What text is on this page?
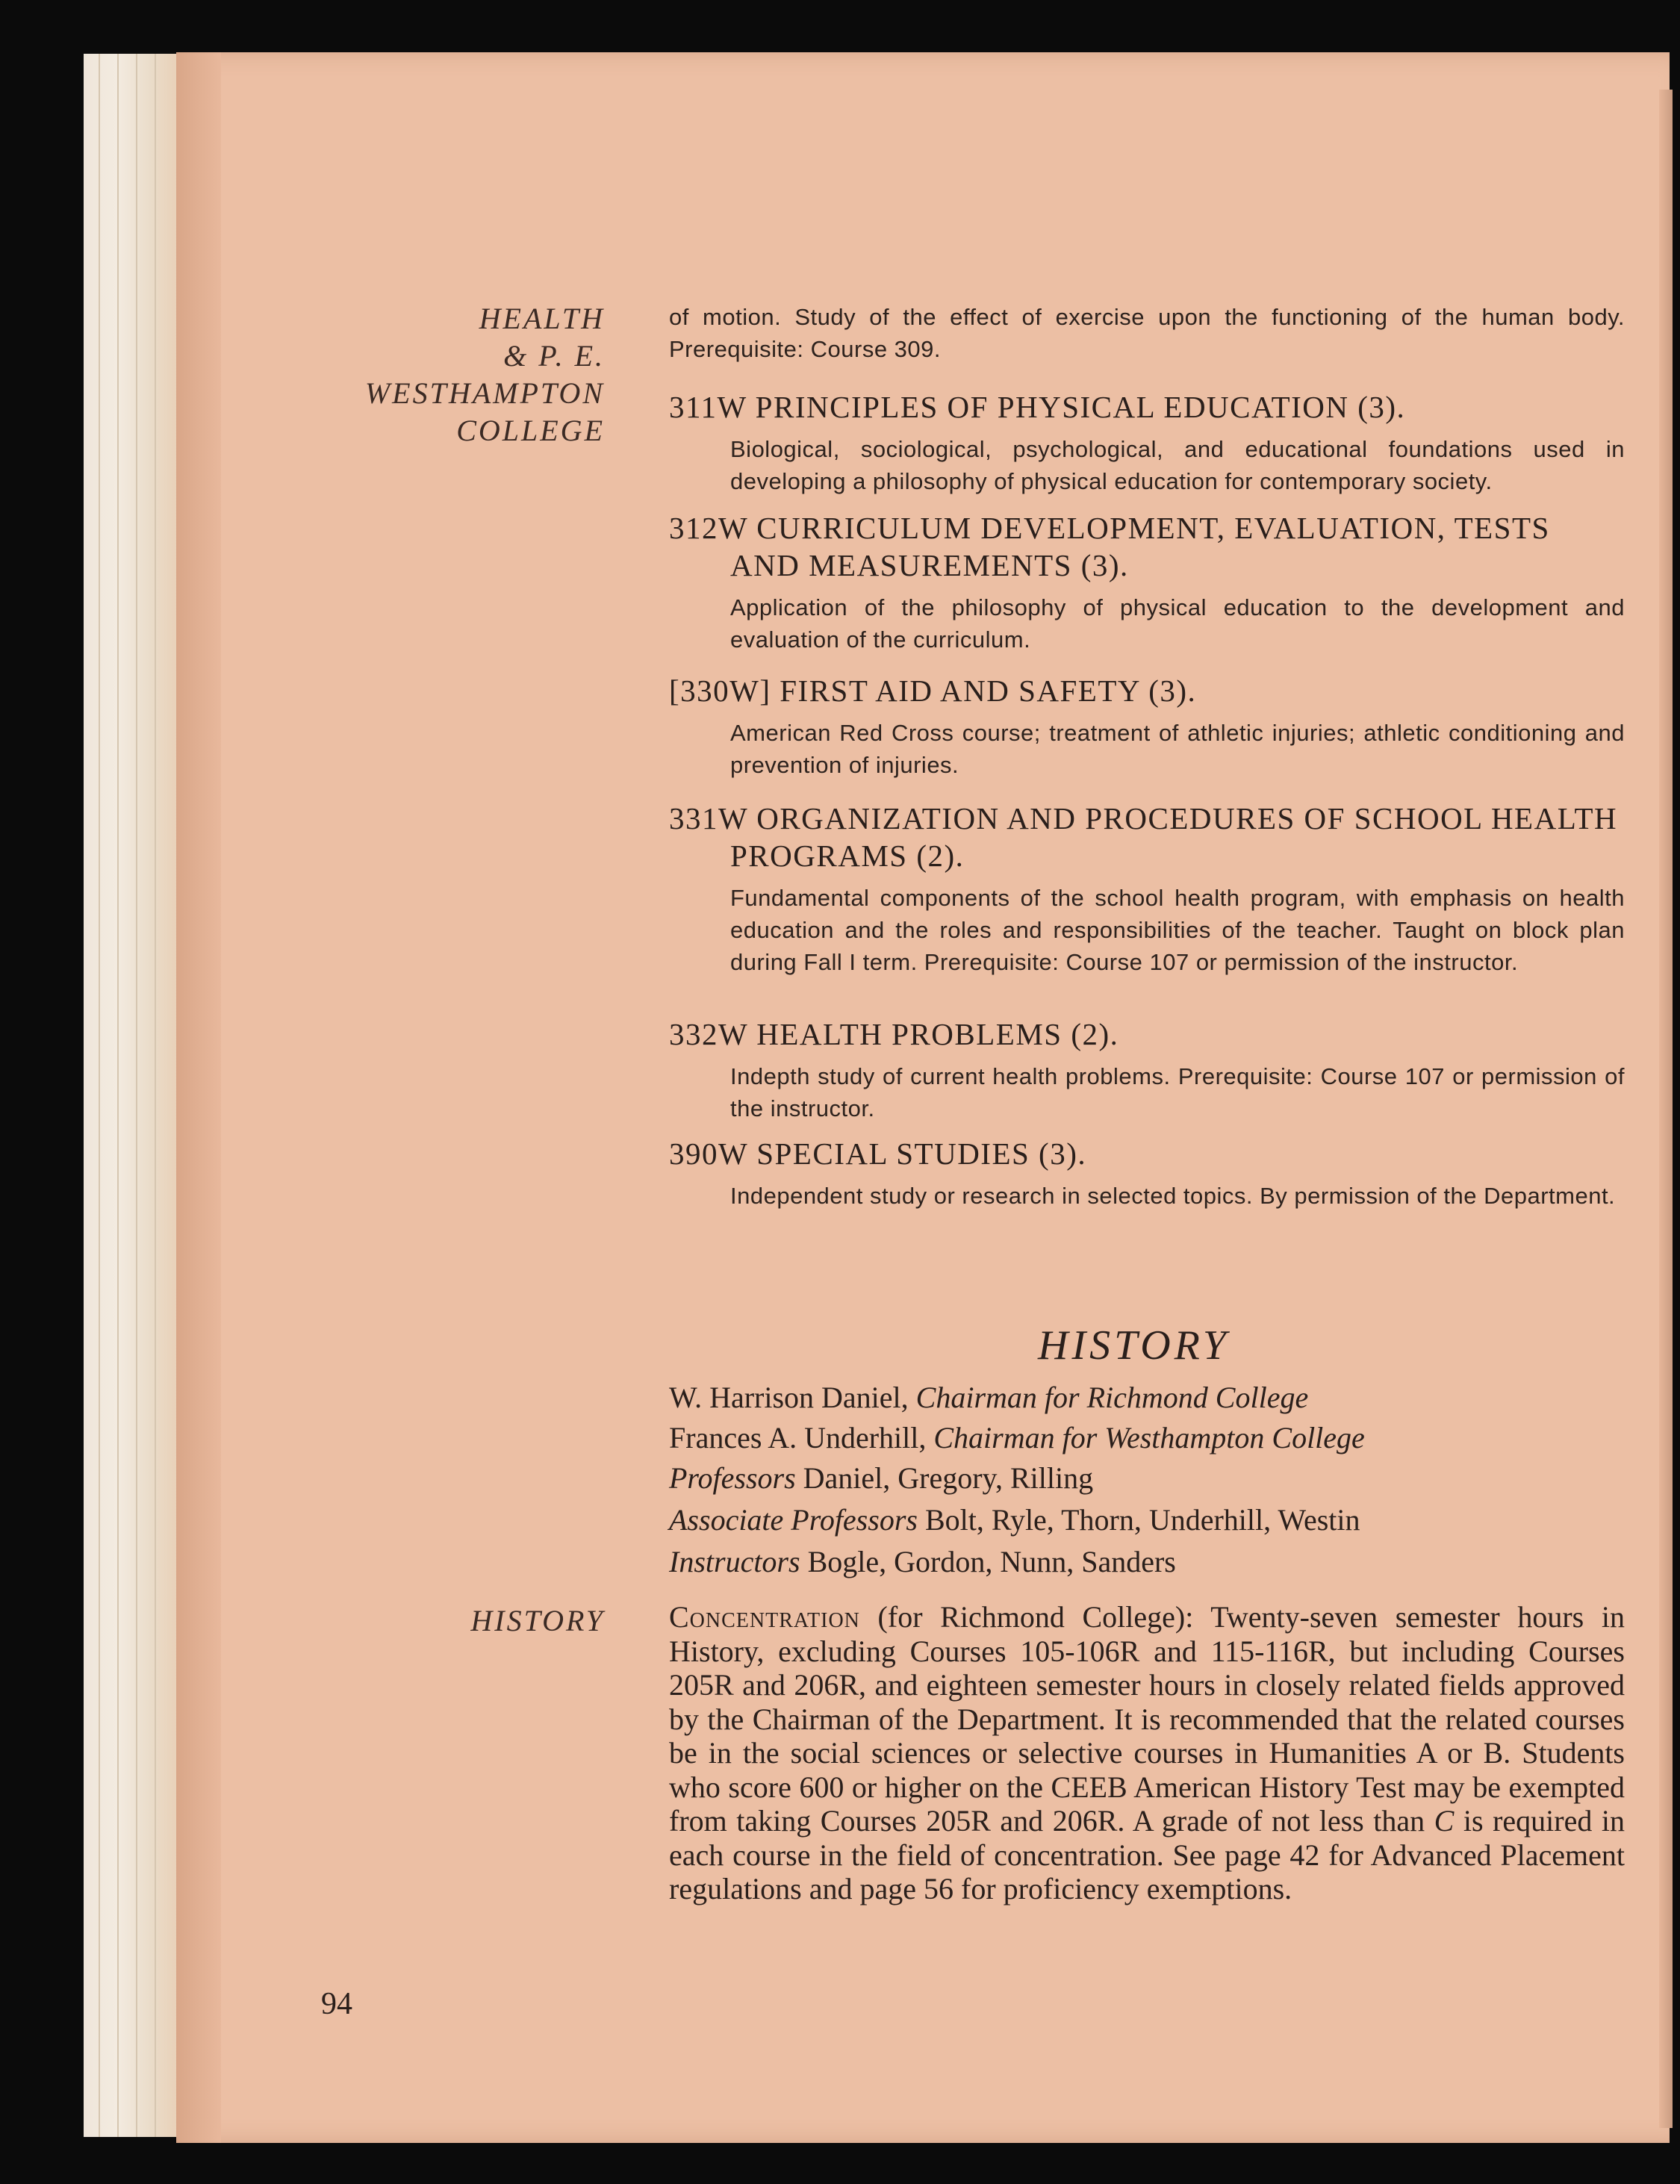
HEALTH
& P. E.
WESTHAMPTON
COLLEGE

of motion. Study of the effect of exercise upon the functioning of the human body. Prerequisite: Course 309.

311W PRINCIPLES OF PHYSICAL EDUCATION (3).

Biological, sociological, psychological, and educational foundations used in developing a philosophy of physical education for contemporary society.

312W CURRICULUM DEVELOPMENT, EVALUATION, TESTS AND MEASUREMENTS (3).

Application of the philosophy of physical education to the development and evaluation of the curriculum.

[330W] FIRST AID AND SAFETY (3).

American Red Cross course; treatment of athletic injuries; athletic conditioning and prevention of injuries.

331W ORGANIZATION AND PROCEDURES OF SCHOOL HEALTH PROGRAMS (2).

Fundamental components of the school health program, with emphasis on health education and the roles and responsibilities of the teacher. Taught on block plan during Fall I term. Prerequisite: Course 107 or permission of the instructor.

332W HEALTH PROBLEMS (2).

Indepth study of current health problems. Prerequisite: Course 107 or permission of the instructor.

390W SPECIAL STUDIES (3).

Independent study or research in selected topics. By permission of the Department.

HISTORY
W. Harrison Daniel, Chairman for Richmond College
Frances A. Underhill, Chairman for Westhampton College
Professors Daniel, Gregory, Rilling
Associate Professors Bolt, Ryle, Thorn, Underhill, Westin
Instructors Bogle, Gordon, Nunn, Sanders
HISTORY Concentration (for Richmond College): Twenty-seven semester hours in History, excluding Courses 105-106R and 115-116R, but including Courses 205R and 206R, and eighteen semester hours in closely related fields approved by the Chairman of the Department. It is recommended that the related courses be in the social sciences or selective courses in Humanities A or B. Students who score 600 or higher on the CEEB American History Test may be exempted from taking Courses 205R and 206R. A grade of not less than C is required in each course in the field of concentration. See page 42 for Advanced Placement regulations and page 56 for proficiency exemptions.

94
